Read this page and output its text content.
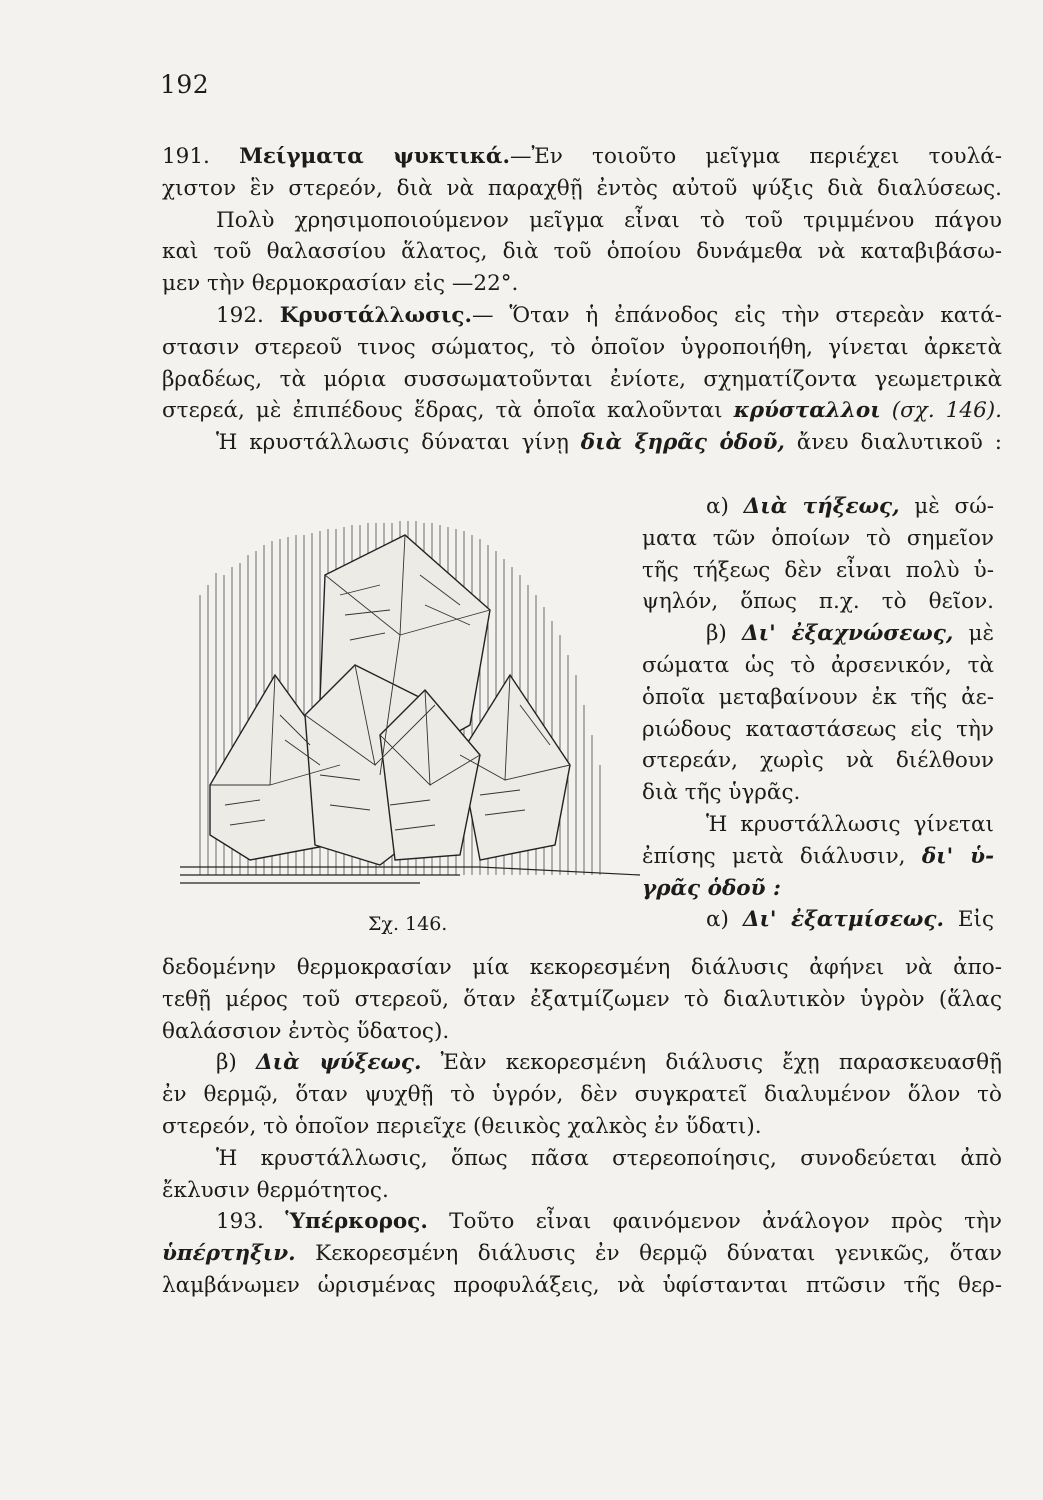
192
191. Μείγματα ψυκτικά.—Ἐν τοιοῦτο μεῖγμα περιέχει τουλά-
χιστον ἓν στερεόν, διὰ νὰ παραχθῇ ἐντὸς αὐτοῦ ψύξις διὰ διαλύσεως.
Πολὺ χρησιμοποιούμενον μεῖγμα εἶναι τὸ τοῦ τριμμένου πάγου
καὶ τοῦ θαλασσίου ἅλατος, διὰ τοῦ ὁποίου δυνάμεθα νὰ καταβιβάσω-
μεν τὴν θερμοκρασίαν εἰς —22°.
192. Κρυστάλλωσις.— Ὅταν ἡ ἐπάνοδος εἰς τὴν στερεὰν κατά-
στασιν στερεοῦ τινος σώματος, τὸ ὁποῖον ὑγροποιήθη, γίνεται ἀρκετὰ
βραδέως, τὰ μόρια συσσωματοῦνται ἐνίοτε, σχηματίζοντα γεωμετρικὰ
στερεά, μὲ ἐπιπέδους ἕδρας, τὰ ὁποῖα καλοῦνται κρύσταλλοι (σχ. 146).
Ἡ κρυστάλλωσις δύναται γίνῃ διὰ ξηρᾶς ὁδοῦ, ἄνευ διαλυτικοῦ :
α) Διὰ τήξεως, μὲ σώ-
ματα τῶν ὁποίων τὸ σημεῖον
τῆς τήξεως δὲν εἶναι πολὺ ὑ-
ψηλόν, ὅπως π.χ. τὸ θεῖον.
β) Δι' ἐξαχνώσεως, μὲ
σώματα ὡς τὸ ἀρσενικόν, τὰ
ὁποῖα μεταβαίνουν ἐκ τῆς ἀε-
ριώδους καταστάσεως εἰς τὴν
στερεάν, χωρὶς νὰ διέλθουν
διὰ τῆς ὑγρᾶς.
Ἡ κρυστάλλωσις γίνεται
ἐπίσης μετὰ διάλυσιν, δι' ὑ-
γρᾶς ὁδοῦ :
α) Δι' ἐξατμίσεως. Εἰς
δεδομένην θερμοκρασίαν μία κεκορεσμένη διάλυσις ἀφήνει νὰ ἀπο-
τεθῇ μέρος τοῦ στερεοῦ, ὅταν ἐξατμίζωμεν τὸ διαλυτικὸν ὑγρὸν (ἅλας
θαλάσσιον ἐντὸς ὕδατος).
β) Διὰ ψύξεως. Ἐὰν κεκορεσμένη διάλυσις ἔχῃ παρασκευασθῇ
ἐν θερμῷ, ὅταν ψυχθῇ τὸ ὑγρόν, δὲν συγκρατεῖ διαλυμένον ὅλον τὸ
στερεόν, τὸ ὁποῖον περιεῖχε (θειικὸς χαλκὸς ἐν ὕδατι).
Ἡ κρυστάλλωσις, ὅπως πᾶσα στερεοποίησις, συνοδεύεται ἀπὸ
ἔκλυσιν θερμότητος.
193. Ὑπέρκορος. Τοῦτο εἶναι φαινόμενον ἀνάλογον πρὸς τὴν
ὑπέρτηξιν. Κεκορεσμένη διάλυσις ἐν θερμῷ δύναται γενικῶς, ὅταν
λαμβάνωμεν ὡρισμένας προφυλάξεις, νὰ ὑφίστανται πτῶσιν τῆς θερ-
Σχ. 146.
